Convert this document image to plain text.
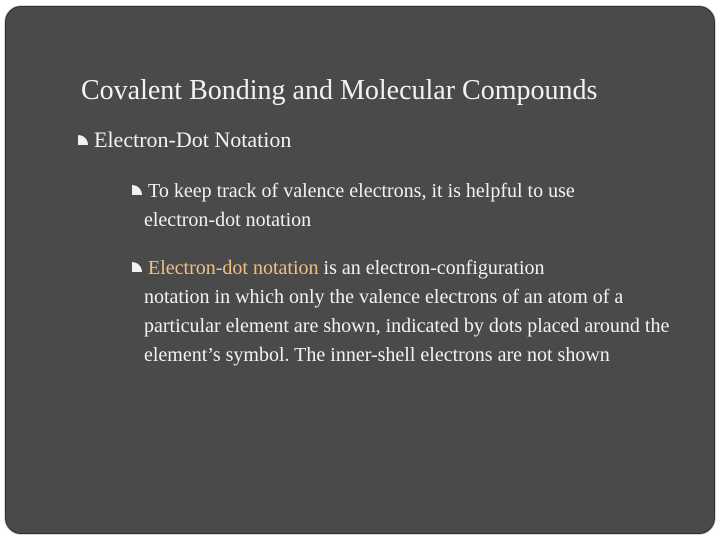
Covalent Bonding and Molecular Compounds
Electron-Dot Notation
To keep track of valence electrons, it is helpful to use
electron-dot notation
Electron-dot notation is an electron-configuration
notation in which only the valence electrons of an atom of a particular element are shown, indicated by dots placed around the element’s symbol. The inner-shell electrons are not shown
